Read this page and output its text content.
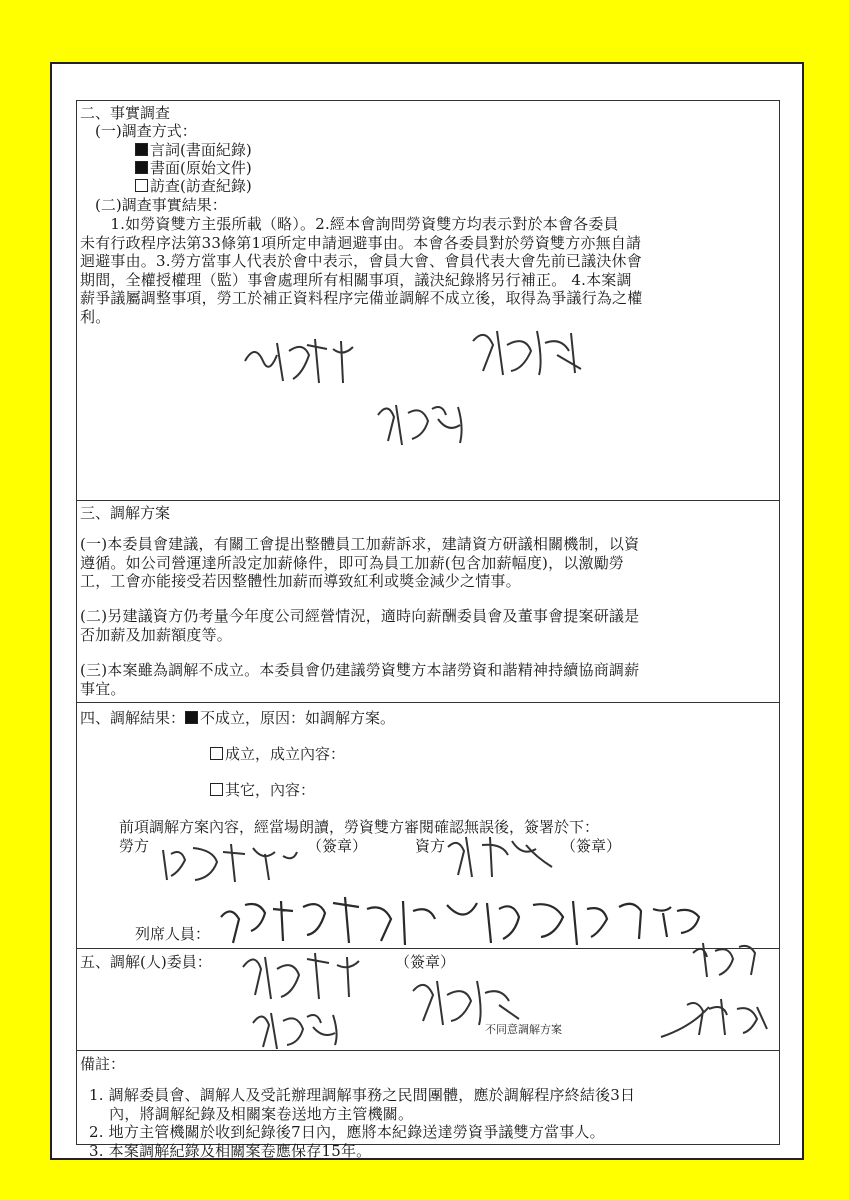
二、事實調查
(一)調查方式：
言詞(書面紀錄)
書面(原始文件)
訪查(訪查紀錄)
(二)調查事實結果：
　　1.如勞資雙方主張所載（略）。2.經本會詢問勞資雙方均表示對於本會各委員
未有行政程序法第33條第1項所定申請迴避事由。本會各委員對於勞資雙方亦無自請
迴避事由。3.勞方當事人代表於會中表示，會員大會、會員代表大會先前已議決休會
期間，全權授權理（監）事會處理所有相關事項，議決紀錄將另行補正。 4.本案調
薪爭議屬調整事項，勞工於補正資料程序完備並調解不成立後，取得為爭議行為之權
利。
三、調解方案
(一)本委員會建議，有關工會提出整體員工加薪訴求，建請資方研議相關機制，以資
遵循。如公司營運達所設定加薪條件，即可為員工加薪(包含加薪幅度)，以激勵勞
工，工會亦能接受若因整體性加薪而導致紅利或獎金減少之情事。
(二)另建議資方仍考量今年度公司經營情況，適時向薪酬委員會及董事會提案研議是
否加薪及加薪額度等。
(三)本案雖為調解不成立。本委員會仍建議勞資雙方本諸勞資和諧精神持續協商調薪
事宜。
四、調解結果： 不成立，原因：如調解方案。
成立，成立內容：
其它，內容：
前項調解方案內容，經當場朗讀，勞資雙方審閱確認無誤後，簽署於下：
勞方	（簽章）	資方	（簽章）
列席人員：
五、調解(人)委員：	（簽章）
不同意調解方案
備註：
1. 調解委員會、調解人及受託辦理調解事務之民間團體，應於調解程序終結後3日
　 內，將調解紀錄及相關案卷送地方主管機關。
2. 地方主管機關於收到紀錄後7日內，應將本紀錄送達勞資爭議雙方當事人。
3. 本案調解紀錄及相關案卷應保存15年。
